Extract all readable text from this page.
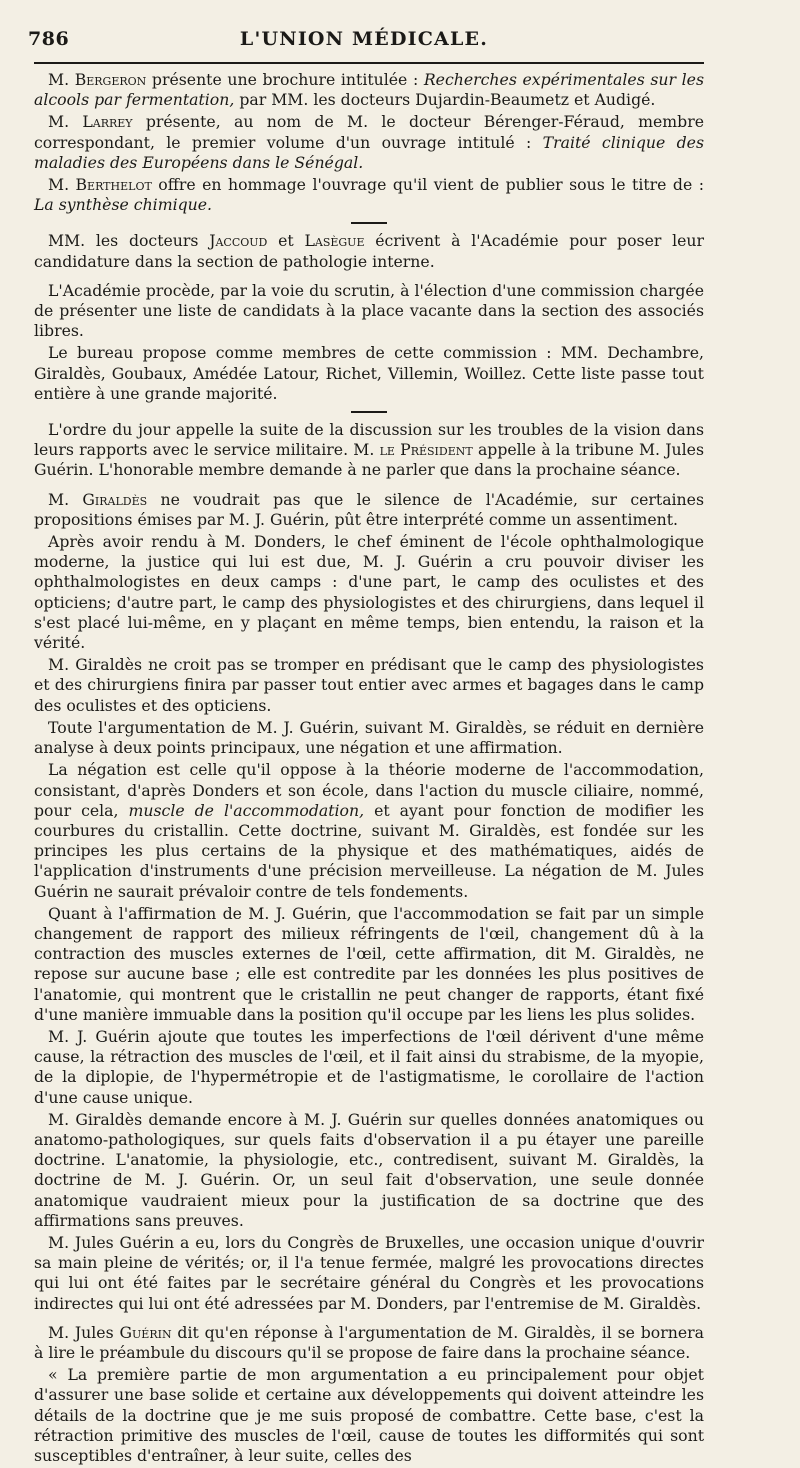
786	L'UNION MÉDICALE.

M. Bergeron présente une brochure intitulée : Recherches expérimentales sur les alcools par fermentation, par MM. les docteurs Dujardin-Beaumetz et Audigé.

M. Larrey présente, au nom de M. le docteur Bérenger-Féraud, membre correspondant, le premier volume d'un ouvrage intitulé : Traité clinique des maladies des Européens dans le Sénégal.

M. Berthelot offre en hommage l'ouvrage qu'il vient de publier sous le titre de : La synthèse chimique.

MM. les docteurs Jaccoud et Lasègue écrivent à l'Académie pour poser leur candidature dans la section de pathologie interne.

L'Académie procède, par la voie du scrutin, à l'élection d'une commission chargée de présenter une liste de candidats à la place vacante dans la section des associés libres.

Le bureau propose comme membres de cette commission : MM. Dechambre, Giraldès, Goubaux, Amédée Latour, Richet, Villemin, Woillez. Cette liste passe tout entière à une grande majorité.

L'ordre du jour appelle la suite de la discussion sur les troubles de la vision dans leurs rapports avec le service militaire. M. le Président appelle à la tribune M. Jules Guérin. L'honorable membre demande à ne parler que dans la prochaine séance.

M. Giraldès ne voudrait pas que le silence de l'Académie, sur certaines propositions émises par M. J. Guérin, pût être interprété comme un assentiment.

Après avoir rendu à M. Donders, le chef éminent de l'école ophthalmologique moderne, la justice qui lui est due, M. J. Guérin a cru pouvoir diviser les ophthalmologistes en deux camps : d'une part, le camp des oculistes et des opticiens; d'autre part, le camp des physiologistes et des chirurgiens, dans lequel il s'est placé lui-même, en y plaçant en même temps, bien entendu, la raison et la vérité.

M. Giraldès ne croit pas se tromper en prédisant que le camp des physiologistes et des chirurgiens finira par passer tout entier avec armes et bagages dans le camp des oculistes et des opticiens.

Toute l'argumentation de M. J. Guérin, suivant M. Giraldès, se réduit en dernière analyse à deux points principaux, une négation et une affirmation.

La négation est celle qu'il oppose à la théorie moderne de l'accommodation, consistant, d'après Donders et son école, dans l'action du muscle ciliaire, nommé, pour cela, muscle de l'accommodation, et ayant pour fonction de modifier les courbures du cristallin. Cette doctrine, suivant M. Giraldès, est fondée sur les principes les plus certains de la physique et des mathématiques, aidés de l'application d'instruments d'une précision merveilleuse. La négation de M. Jules Guérin ne saurait prévaloir contre de tels fondements.

Quant à l'affirmation de M. J. Guérin, que l'accommodation se fait par un simple changement de rapport des milieux réfringents de l'œil, changement dû à la contraction des muscles externes de l'œil, cette affirmation, dit M. Giraldès, ne repose sur aucune base ; elle est contredite par les données les plus positives de l'anatomie, qui montrent que le cristallin ne peut changer de rapports, étant fixé d'une manière immuable dans la position qu'il occupe par les liens les plus solides.

M. J. Guérin ajoute que toutes les imperfections de l'œil dérivent d'une même cause, la rétraction des muscles de l'œil, et il fait ainsi du strabisme, de la myopie, de la diplopie, de l'hypermétropie et de l'astigmatisme, le corollaire de l'action d'une cause unique.

M. Giraldès demande encore à M. J. Guérin sur quelles données anatomiques ou anatomo-pathologiques, sur quels faits d'observation il a pu étayer une pareille doctrine. L'anatomie, la physiologie, etc., contredisent, suivant M. Giraldès, la doctrine de M. J. Guérin. Or, un seul fait d'observation, une seule donnée anatomique vaudraient mieux pour la justification de sa doctrine que des affirmations sans preuves.

M. Jules Guérin a eu, lors du Congrès de Bruxelles, une occasion unique d'ouvrir sa main pleine de vérités; or, il l'a tenue fermée, malgré les provocations directes qui lui ont été faites par le secrétaire général du Congrès et les provocations indirectes qui lui ont été adressées par M. Donders, par l'entremise de M. Giraldès.

M. Jules Guérin dit qu'en réponse à l'argumentation de M. Giraldès, il se bornera à lire le préambule du discours qu'il se propose de faire dans la prochaine séance.

« La première partie de mon argumentation a eu principalement pour objet d'assurer une base solide et certaine aux développements qui doivent atteindre les détails de la doctrine que je me suis proposé de combattre. Cette base, c'est la rétraction primitive des muscles de l'œil, cause de toutes les difformités qui sont susceptibles d'entraîner, à leur suite, celles des
